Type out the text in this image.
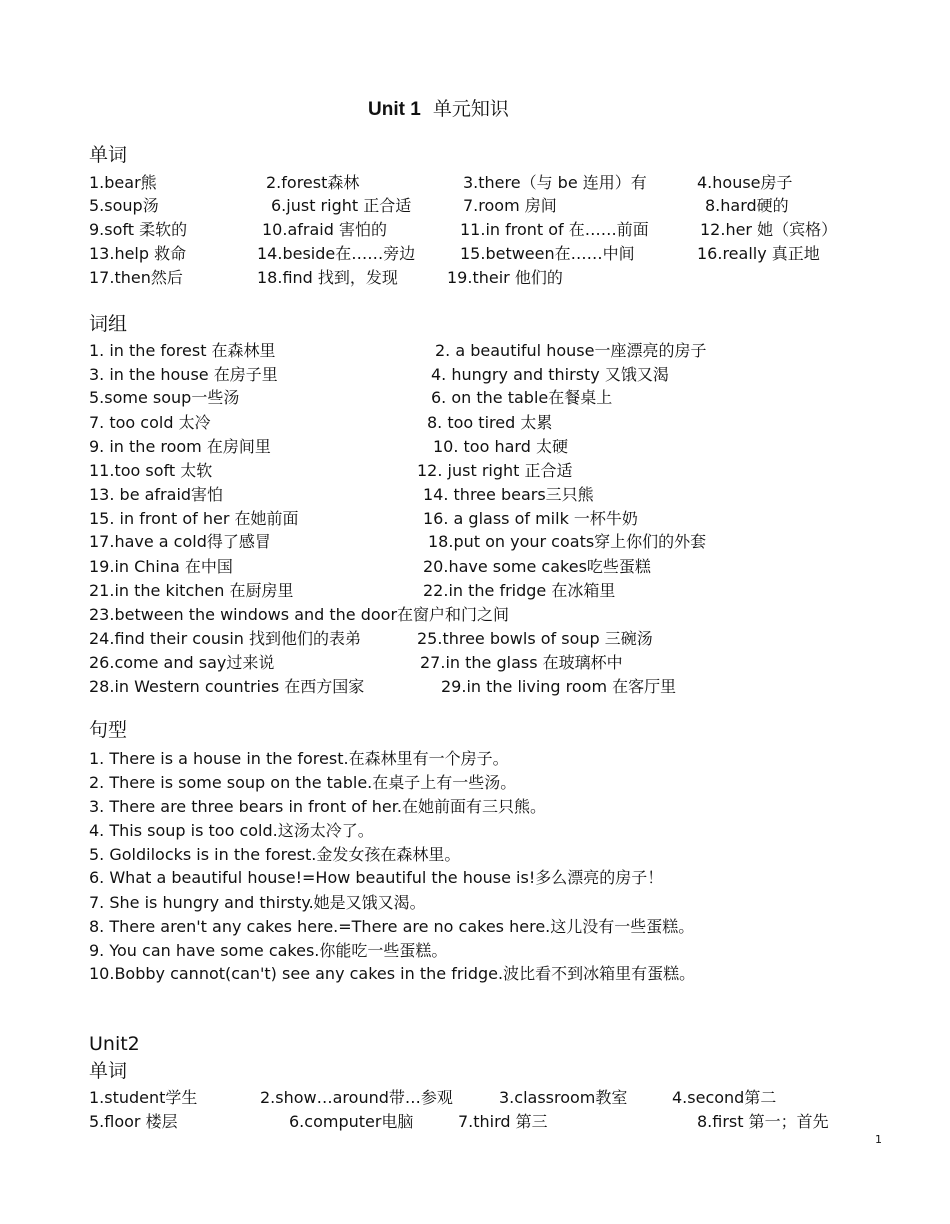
Unit 1 单元知识
单词
1.bear熊	2.forest森林	3.there（与 be 连用）有	4.house房子
5.soup汤	6.just right 正合适	7.room 房间	8.hard硬的
9.soft 柔软的	10.afraid 害怕的	11.in front of 在……前面	12.her 她（宾格）
13.help 救命	14.beside在……旁边	15.between在……中间	16.really 真正地
17.then然后	18.find 找到，发现	19.their 他们的
词组
1. in the forest 在森林里	2. a beautiful house一座漂亮的房子
3. in the house 在房子里	4. hungry and thirsty 又饿又渴
5.some soup一些汤	6. on the table在餐桌上
7. too cold 太冷	8. too tired 太累
9. in the room 在房间里	10. too hard 太硬
11.too soft 太软	12. just right 正合适
13. be afraid害怕	14. three bears三只熊
15. in front of her 在她前面	16. a glass of milk 一杯牛奶
17.have a cold得了感冒	18.put on your coats穿上你们的外套
19.in China 在中国	20.have some cakes吃些蛋糕
21.in the kitchen 在厨房里	22.in the fridge 在冰箱里
23.between the windows and the door在窗户和门之间
24.find their cousin 找到他们的表弟	25.three bowls of soup 三碗汤
26.come and say过来说	27.in the glass 在玻璃杯中
28.in Western countries 在西方国家	29.in the living room 在客厅里
句型
1. There is a house in the forest.在森林里有一个房子。
2. There is some soup on the table.在桌子上有一些汤。
3. There are three bears in front of her.在她前面有三只熊。
4. This soup is too cold.这汤太冷了。
5. Goldilocks is in the forest.金发女孩在森林里。
6. What a beautiful house!=How beautiful the house is!多么漂亮的房子！
7. She is hungry and thirsty.她是又饿又渴。
8. There aren't any cakes here.=There are no cakes here.这儿没有一些蛋糕。
9. You can have some cakes.你能吃一些蛋糕。
10.Bobby cannot(can't) see any cakes in the fridge.波比看不到冰箱里有蛋糕。
Unit2
单词
1.student学生	2.show…around带…参观	3.classroom教室	4.second第二
5.floor 楼层	6.computer电脑	7.third 第三	8.first 第一；首先
1
